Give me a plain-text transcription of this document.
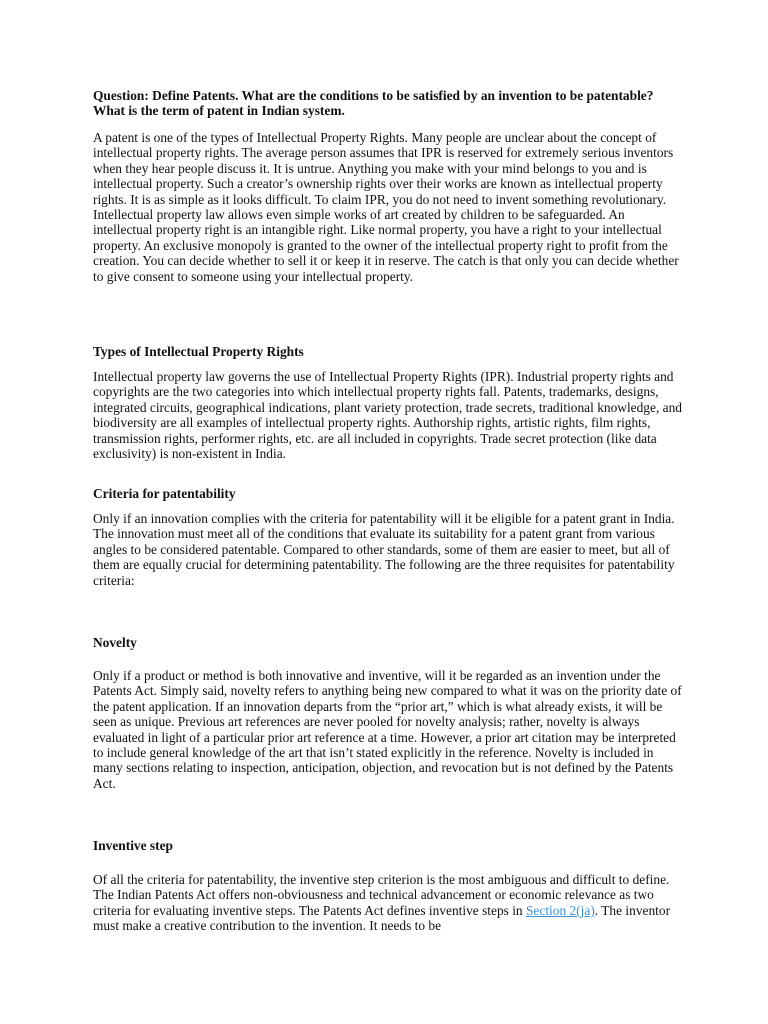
Question: Define Patents. What are the conditions to be satisfied by an invention to be patentable? What is the term of patent in Indian system.

A patent is one of the types of Intellectual Property Rights. Many people are unclear about the concept of intellectual property rights. The average person assumes that IPR is reserved for extremely serious inventors when they hear people discuss it. It is untrue. Anything you make with your mind belongs to you and is intellectual property. Such a creator’s ownership rights over their works are known as intellectual property rights. It is as simple as it looks difficult. To claim IPR, you do not need to invent something revolutionary. Intellectual property law allows even simple works of art created by children to be safeguarded. An intellectual property right is an intangible right. Like normal property, you have a right to your intellectual property. An exclusive monopoly is granted to the owner of the intellectual property right to profit from the creation. You can decide whether to sell it or keep it in reserve. The catch is that only you can decide whether to give consent to someone using your intellectual property.

Types of Intellectual Property Rights

Intellectual property law governs the use of Intellectual Property Rights (IPR). Industrial property rights and copyrights are the two categories into which intellectual property rights fall. Patents, trademarks, designs, integrated circuits, geographical indications, plant variety protection, trade secrets, traditional knowledge, and biodiversity are all examples of intellectual property rights. Authorship rights, artistic rights, film rights, transmission rights, performer rights, etc. are all included in copyrights. Trade secret protection (like data exclusivity) is non-existent in India.

Criteria for patentability

Only if an innovation complies with the criteria for patentability will it be eligible for a patent grant in India. The innovation must meet all of the conditions that evaluate its suitability for a patent grant from various angles to be considered patentable. Compared to other standards, some of them are easier to meet, but all of them are equally crucial for determining patentability. The following are the three requisites for patentability criteria:

Novelty

Only if a product or method is both innovative and inventive, will it be regarded as an invention under the Patents Act. Simply said, novelty refers to anything being new compared to what it was on the priority date of the patent application. If an innovation departs from the “prior art,” which is what already exists, it will be seen as unique. Previous art references are never pooled for novelty analysis; rather, novelty is always evaluated in light of a particular prior art reference at a time. However, a prior art citation may be interpreted to include general knowledge of the art that isn’t stated explicitly in the reference. Novelty is included in many sections relating to inspection, anticipation, objection, and revocation but is not defined by the Patents Act.

Inventive step

Of all the criteria for patentability, the inventive step criterion is the most ambiguous and difficult to define. The Indian Patents Act offers non-obviousness and technical advancement or economic relevance as two criteria for evaluating inventive steps. The Patents Act defines inventive steps in Section 2(ja). The inventor must make a creative contribution to the invention. It needs to be
